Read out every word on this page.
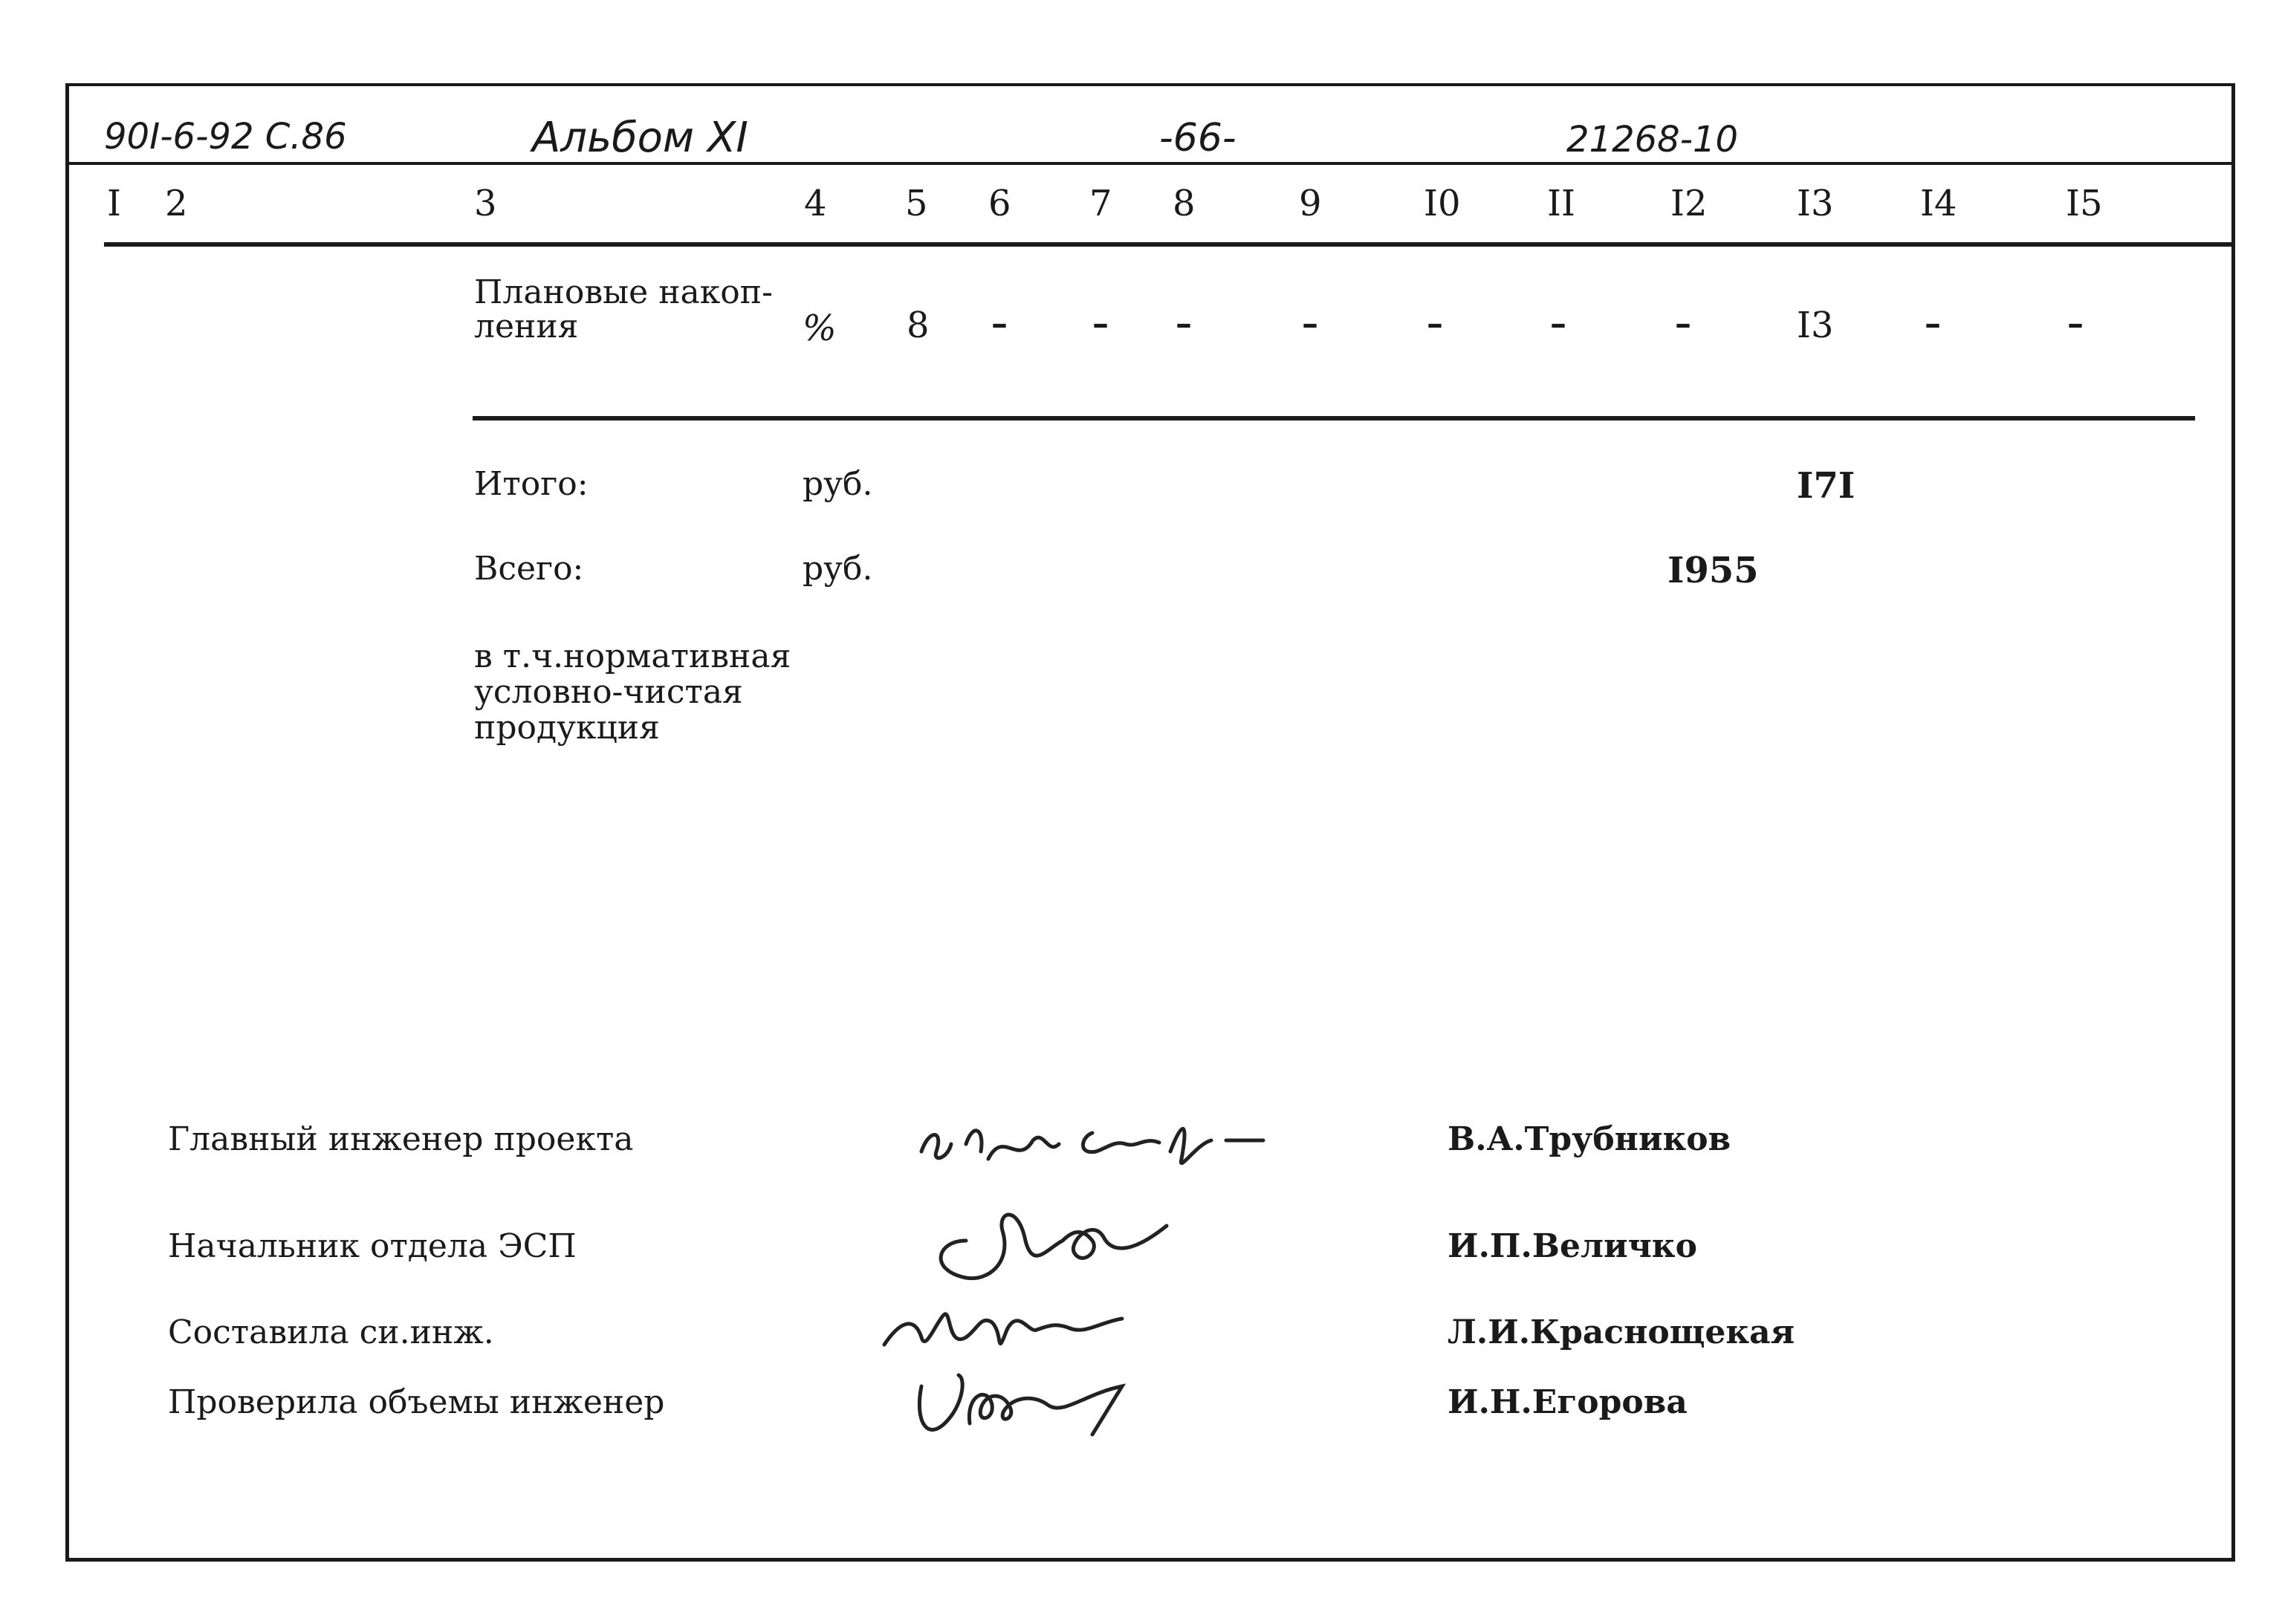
90I-6-92 С.86	Альбом XI	-66-	21268-10
I 2	3	4 5 6 7 8	9	I0 II	I2	I3 I4	I5
Плановые накоп-
ления	% 8 –	– –	–	–	–	–	I3	–	–
Итого:	руб.	I7I
Всего:	руб.	I955
в т.ч.нормативная
условно-чистая
продукция
Главный инженер проекта	В.А.Трубников
Начальник отдела ЭСП	И.П.Величко
Составила си.инж.	Л.И.Краснощекая
Проверила объемы инженер	И.Н.Егорова
